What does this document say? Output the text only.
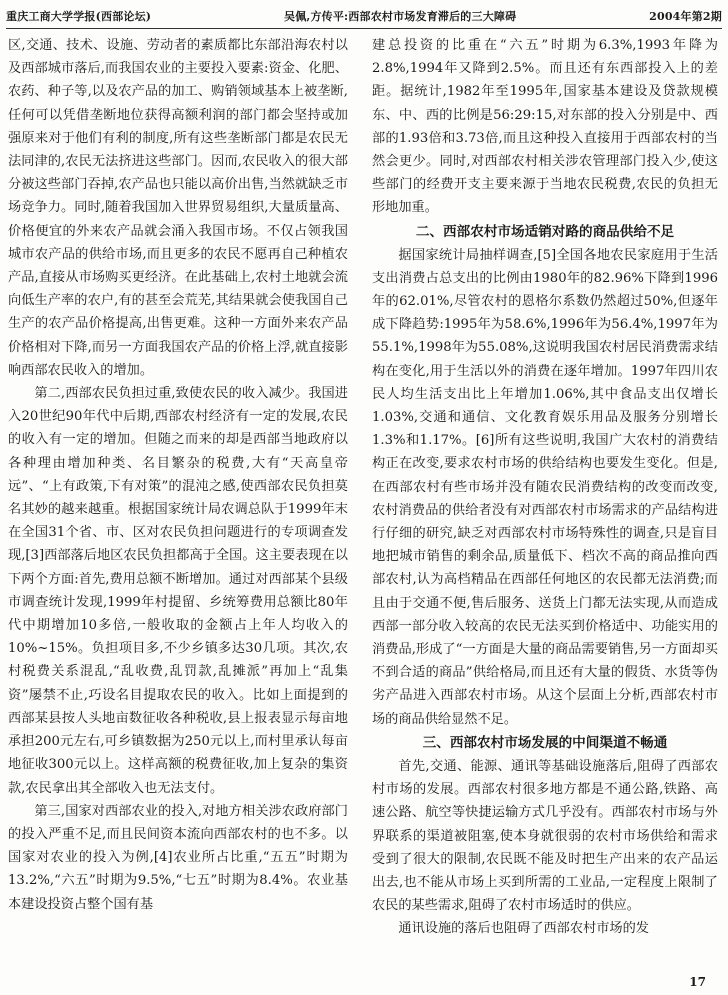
重庆工商大学学报(西部论坛)	吴佩,方传平:西部农村市场发育滞后的三大障碍	2004年第2期

区,交通、技术、设施、劳动者的素质都比东部沿海农村以及西部城市落后,而我国农业的主要投入要素:资金、化肥、农药、种子等,以及农产品的加工、购销领域基本上被垄断,任何可以凭借垄断地位获得高额利润的部门都会坚持或加强原来对于他们有利的制度,所有这些垄断部门都是农民无法同津的,农民无法挤进这些部门。因而,农民收入的很大部分被这些部门吞掉,农产品也只能以高价出售,当然就缺乏市场竞争力。同时,随着我国加入世界贸易组织,大量质量高、价格便宜的外来农产品就会涌入我国市场。不仅占领我国城市农产品的供给市场,而且更多的农民不愿再自己种植农产品,直接从市场购买更经济。在此基础上,农村土地就会流向低生产率的农户,有的甚至会荒芜,其结果就会使我国自己生产的农产品价格提高,出售更难。这种一方面外来农产品价格相对下降,而另一方面我国农产品的价格上浮,就直接影响西部农民收入的增加。

第二,西部农民负担过重,致使农民的收入减少。我国进入20世纪90年代中后期,西部农村经济有一定的发展,农民的收入有一定的增加。但随之而来的却是西部当地政府以各种理由增加种类、名目繁杂的税费,大有“天高皇帝远”、“上有政策,下有对策”的混沌之感,使西部农民负担莫名其妙的越来越重。根据国家统计局农调总队于1999年末在全国31个省、市、区对农民负担问题进行的专项调查发现,[3]西部落后地区农民负担都高于全国。这主要表现在以下两个方面:首先,费用总额不断增加。通过对西部某个县级市调查统计发现,1999年村提留、乡统筹费用总额比80年代中期增加10多倍,一般收取的金额占上年人均收入的10%~15%。负担项目多,不少乡镇多达30几项。其次,农村税费关系混乱,“乱收费,乱罚款,乱摊派”再加上“乱集资”屡禁不止,巧设名目提取农民的收入。比如上面提到的西部某县按人头地亩数征收各种税收,县上报表显示每亩地承担200元左右,可乡镇数据为250元以上,而村里承认每亩地征收300元以上。这样高额的税费征收,加上复杂的集资款,农民拿出其全部收入也无法支付。

第三,国家对西部农业的投入,对地方相关涉农政府部门的投入严重不足,而且民间资本流向西部农村的也不多。以国家对农业的投入为例,[4]农业所占比重,“五五”时期为13.2%,“六五”时期为9.5%,“七五”时期为8.4%。农业基本建设投资占整个国有基

建总投资的比重在“六五”时期为6.3%,1993年降为2.8%,1994年又降到2.5%。而且还有东西部投入上的差距。据统计,1982年至1995年,国家基本建设及贷款规模东、中、西的比例是56:29:15,对东部的投入分别是中、西部的1.93倍和3.73倍,而且这种投入直接用于西部农村的当然会更少。同时,对西部农村相关涉农管理部门投入少,使这些部门的经费开支主要来源于当地农民税费,农民的负担无形地加重。

二、西部农村市场适销对路的商品供给不足

据国家统计局抽样调查,[5]全国各地农民家庭用于生活支出消费占总支出的比例由1980年的82.96%下降到1996年的62.01%,尽管农村的恩格尔系数仍然超过50%,但逐年成下降趋势:1995年为58.6%,1996年为56.4%,1997年为55.1%,1998年为55.08%,这说明我国农村居民消费需求结构在变化,用于生活以外的消费在逐年增加。1997年四川农民人均生活支出比上年增加1.06%,其中食品支出仅增长1.03%,交通和通信、文化教育娱乐用品及服务分别增长1.3%和1.17%。[6]所有这些说明,我国广大农村的消费结构正在改变,要求农村市场的供给结构也要发生变化。但是,在西部农村有些市场并没有随农民消费结构的改变而改变,农村消费品的供给者没有对西部农村市场需求的产品结构进行仔细的研究,缺乏对西部农村市场特殊性的调查,只是盲目地把城市销售的剩余品,质量低下、档次不高的商品推向西部农村,认为高档精品在西部任何地区的农民都无法消费;而且由于交通不便,售后服务、送货上门都无法实现,从而造成西部一部分收入较高的农民无法买到价格适中、功能实用的消费品,形成了“一方面是大量的商品需要销售,另一方面却买不到合适的商品”供给格局,而且还有大量的假货、水货等伪劣产品进入西部农村市场。从这个层面上分析,西部农村市场的商品供给显然不足。

三、西部农村市场发展的中间渠道不畅通

首先,交通、能源、通讯等基础设施落后,阻碍了西部农村市场的发展。西部农村很多地方都是不通公路,铁路、高速公路、航空等快捷运输方式几乎没有。西部农村市场与外界联系的渠道被阻塞,使本身就很弱的农村市场供给和需求受到了很大的限制,农民既不能及时把生产出来的农产品运出去,也不能从市场上买到所需的工业品,一定程度上限制了农民的某些需求,阻碍了农村市场适时的供应。

通讯设施的落后也阻碍了西部农村市场的发

17
